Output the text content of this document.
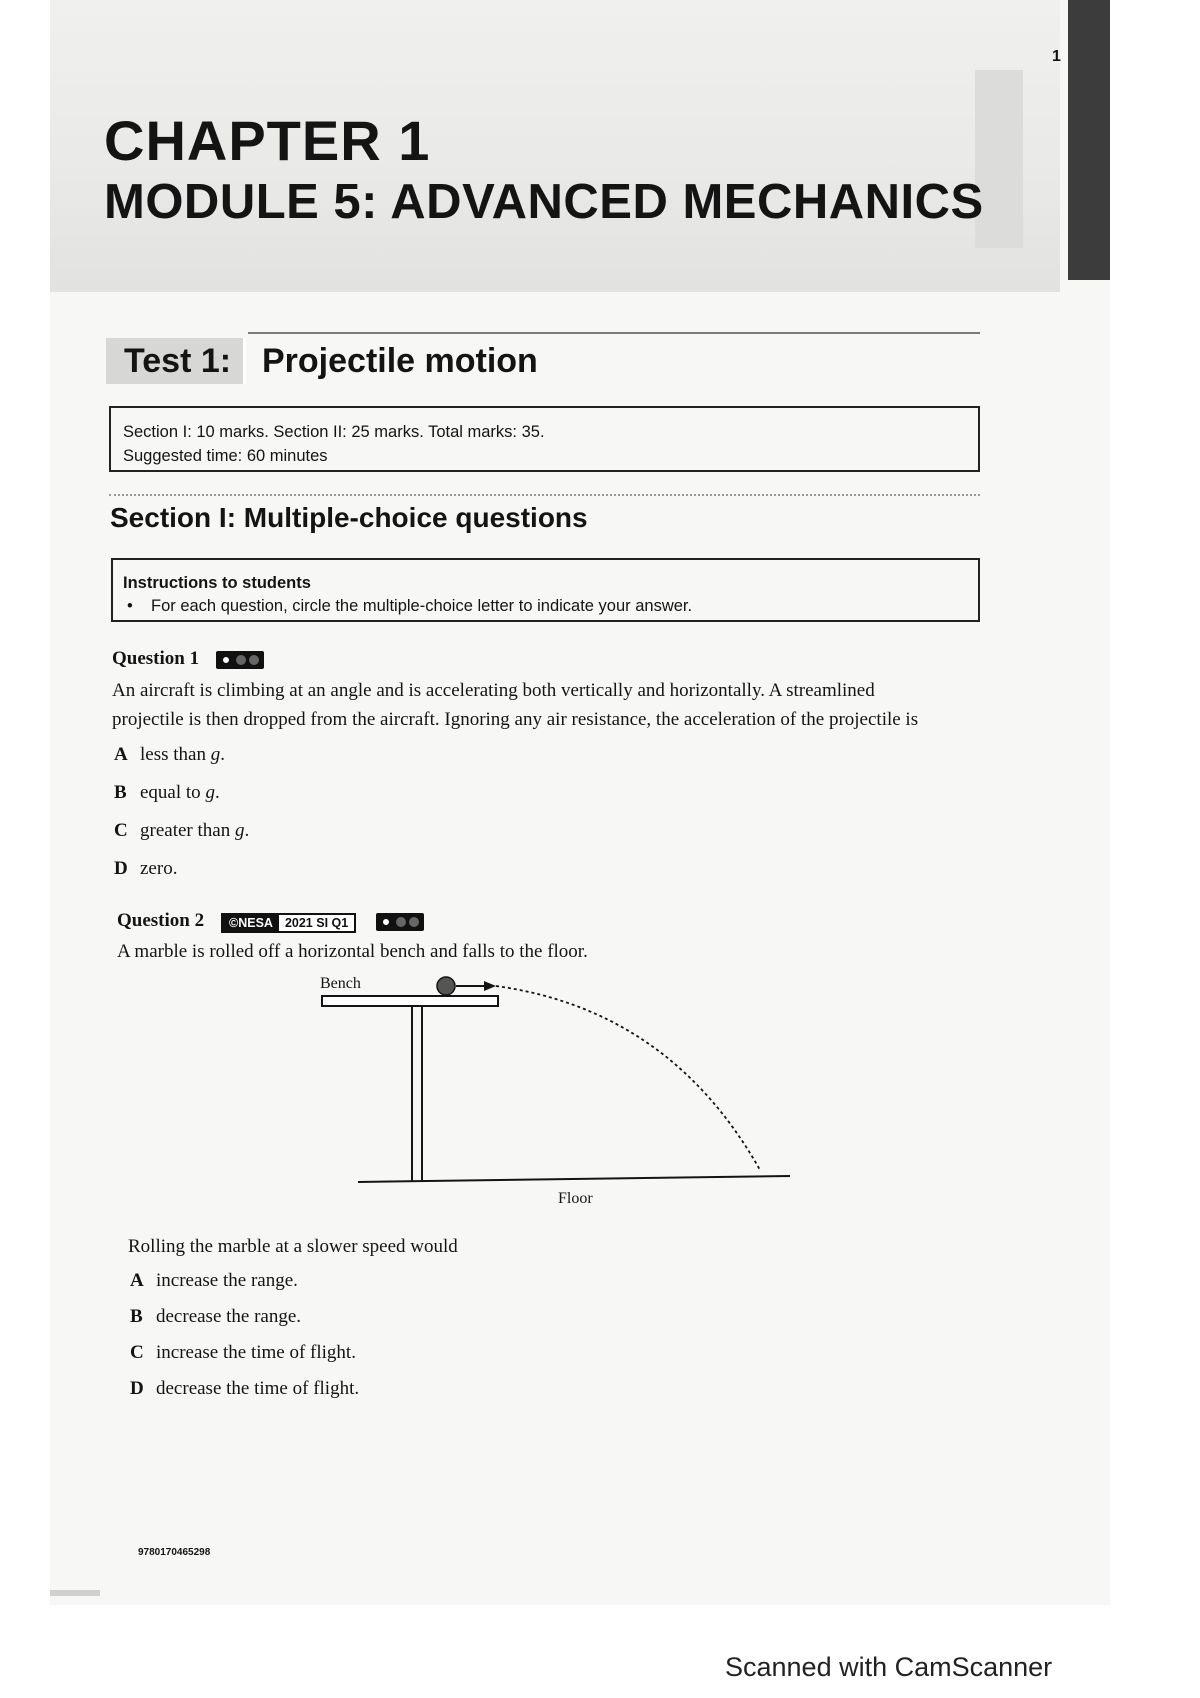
1
CHAPTER 1
MODULE 5: ADVANCED MECHANICS
Test 1: Projectile motion
Section I: 10 marks. Section II: 25 marks. Total marks: 35.
Suggested time: 60 minutes
Section I: Multiple-choice questions
Instructions to students
• For each question, circle the multiple-choice letter to indicate your answer.
Question 1
An aircraft is climbing at an angle and is accelerating both vertically and horizontally. A streamlined
projectile is then dropped from the aircraft. Ignoring any air resistance, the acceleration of the projectile is
A less than g.
B equal to g.
C greater than g.
D zero.
Question 2	©NESA 2021 SI Q1
A marble is rolled off a horizontal bench and falls to the floor.
Bench
Floor
Rolling the marble at a slower speed would
A increase the range.
B decrease the range.
C increase the time of flight.
D decrease the time of flight.
9780170465298
Scanned with CamScanner
